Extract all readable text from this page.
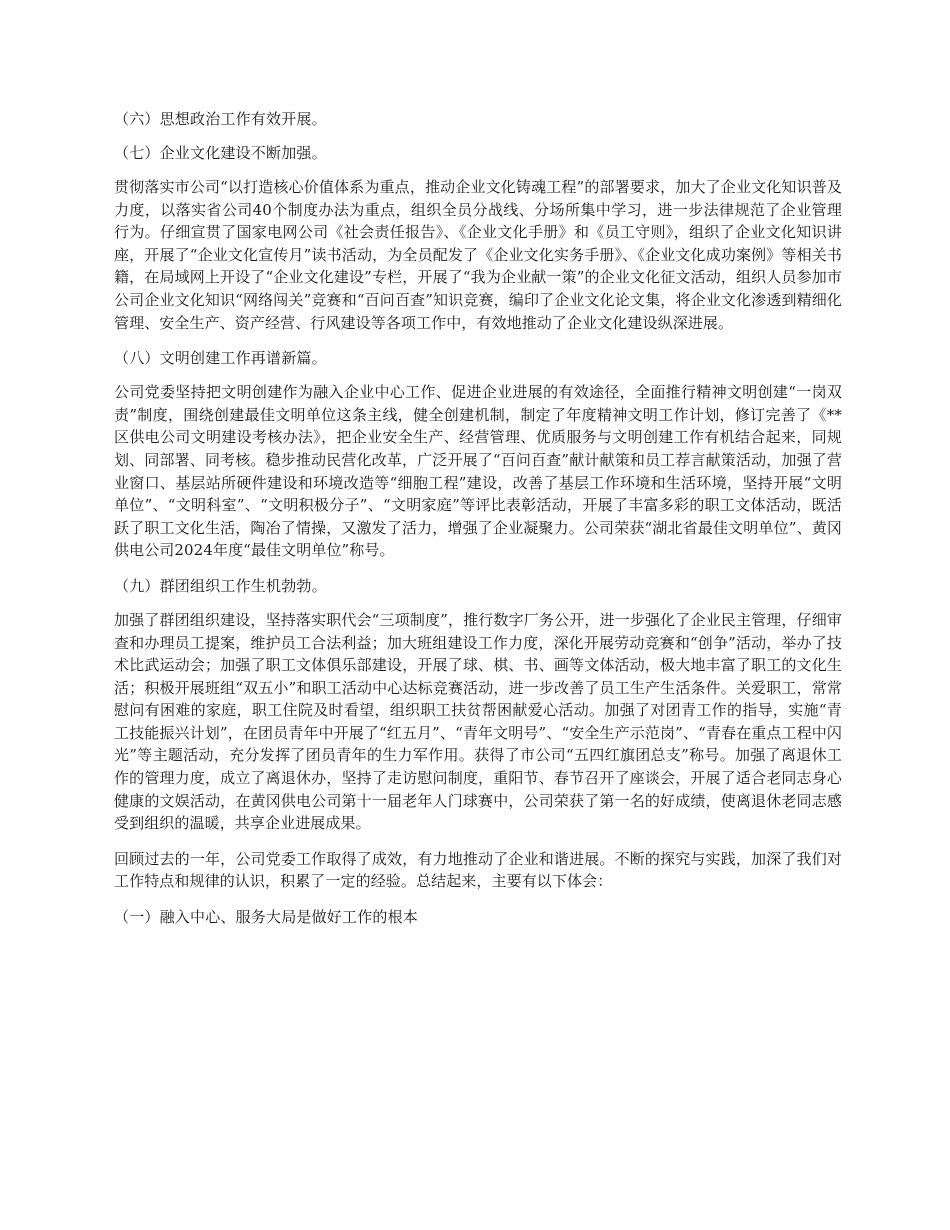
（六）思想政治工作有效开展。

（七）企业文化建设不断加强。

贯彻落实市公司“以打造核心价值体系为重点，推动企业文化铸魂工程”的部署要求，加大了企业文化知识普及力度，以落实省公司40个制度办法为重点，组织全员分战线、分场所集中学习，进一步法律规范了企业管理行为。仔细宣贯了国家电网公司《社会责任报告》、《企业文化手册》和《员工守则》，组织了企业文化知识讲座，开展了“企业文化宣传月”读书活动，为全员配发了《企业文化实务手册》、《企业文化成功案例》等相关书籍，在局域网上开设了“企业文化建设”专栏，开展了“我为企业献一策”的企业文化征文活动，组织人员参加市公司企业文化知识“网络闯关”竞赛和“百问百查”知识竞赛，编印了企业文化论文集，将企业文化渗透到精细化管理、安全生产、资产经营、行风建设等各项工作中，有效地推动了企业文化建设纵深进展。

（八）文明创建工作再谱新篇。

公司党委坚持把文明创建作为融入企业中心工作、促进企业进展的有效途径，全面推行精神文明创建“一岗双责”制度，围绕创建最佳文明单位这条主线，健全创建机制，制定了年度精神文明工作计划，修订完善了《**区供电公司文明建设考核办法》，把企业安全生产、经营管理、优质服务与文明创建工作有机结合起来，同规划、同部署、同考核。稳步推动民营化改革，广泛开展了“百问百查”献计献策和员工荐言献策活动，加强了营业窗口、基层站所硬件建设和环境改造等“细胞工程”建设，改善了基层工作环境和生活环境，坚持开展“文明单位”、“文明科室”、“文明积极分子”、“文明家庭”等评比表彰活动，开展了丰富多彩的职工文体活动，既活跃了职工文化生活，陶冶了情操，又激发了活力，增强了企业凝聚力。公司荣获“湖北省最佳文明单位”、黄冈供电公司2024年度“最佳文明单位”称号。

（九）群团组织工作生机勃勃。

加强了群团组织建设，坚持落实职代会“三项制度”，推行数字厂务公开，进一步强化了企业民主管理，仔细审查和办理员工提案，维护员工合法利益；加大班组建设工作力度，深化开展劳动竞赛和“创争”活动，举办了技术比武运动会；加强了职工文体俱乐部建设，开展了球、棋、书、画等文体活动，极大地丰富了职工的文化生活；积极开展班组“双五小”和职工活动中心达标竞赛活动，进一步改善了员工生产生活条件。关爱职工，常常慰问有困难的家庭，职工住院及时看望，组织职工扶贫帮困献爱心活动。加强了对团青工作的指导，实施“青工技能振兴计划”，在团员青年中开展了“红五月”、“青年文明号”、“安全生产示范岗”、“青春在重点工程中闪光”等主题活动，充分发挥了团员青年的生力军作用。获得了市公司“五四红旗团总支”称号。加强了离退休工作的管理力度，成立了离退休办，坚持了走访慰问制度，重阳节、春节召开了座谈会，开展了适合老同志身心健康的文娱活动，在黄冈供电公司第十一届老年人门球赛中，公司荣获了第一名的好成绩，使离退休老同志感受到组织的温暖，共享企业进展成果。

回顾过去的一年，公司党委工作取得了成效，有力地推动了企业和谐进展。不断的探究与实践，加深了我们对工作特点和规律的认识，积累了一定的经验。总结起来，主要有以下体会：

（一）融入中心、服务大局是做好工作的根本
